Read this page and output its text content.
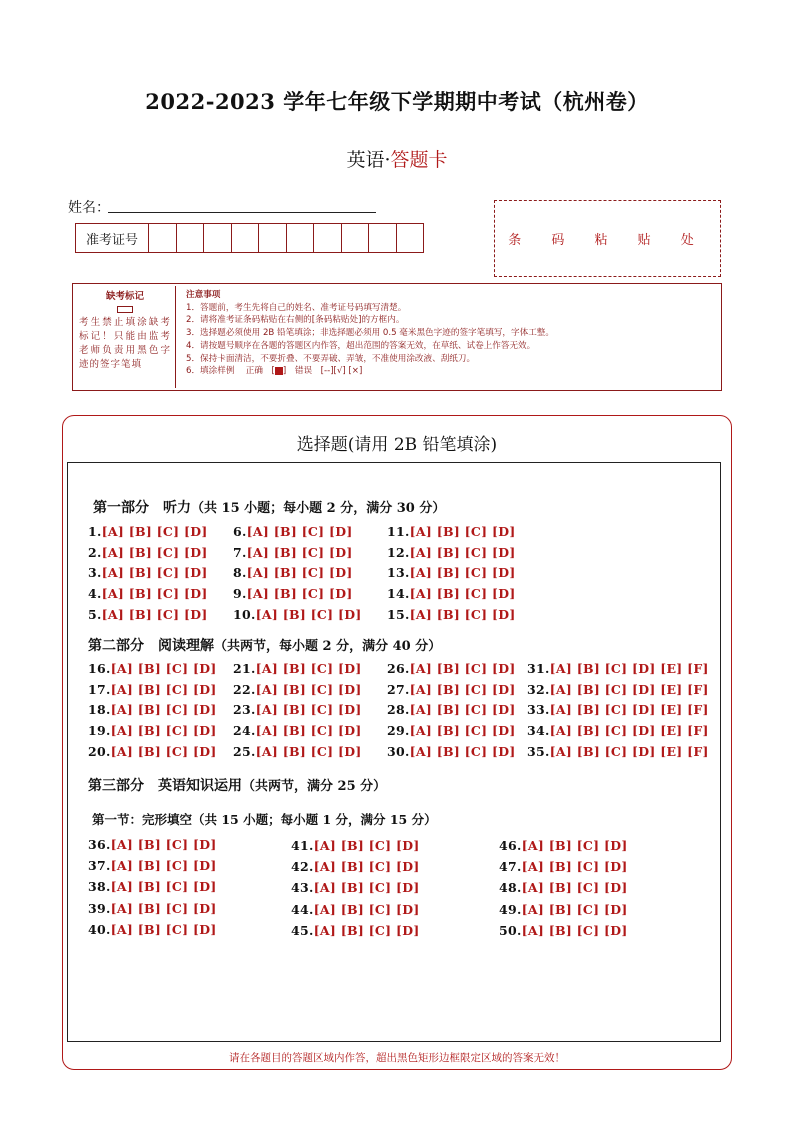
2022-2023 学年七年级下学期期中考试（杭州卷）
英语·答题卡
姓名：
准考证号	条 码 粘 贴 处
缺考标记
考生禁止填涂缺考标记！只能由监考老师负责用黑色字迹的签字笔填
注意事项
1．答题前，考生先将自己的姓名、准考证号码填写清楚。
2．请将准考证条码粘贴在右侧的[条码粘贴处]的方框内。
3．选择题必须使用 2B 铅笔填涂；非选择题必须用 0.5 毫米黑色字迹的签字笔填写，字体工整。
4．请按题号顺序在各题的答题区内作答，超出范围的答案无效，在草纸、试卷上作答无效。
5．保持卡面清洁，不要折叠、不要弄破、弄皱，不准使用涂改液、刮纸刀。
6．填涂样例　 正确　[ ]　错误　[--][√] [×]
选择题(请用 2B 铅笔填涂)
第一部分　听力（共 15 小题；每小题 2 分，满分 30 分）
第二部分　阅读理解（共两节，每小题 2 分，满分 40 分）
第三部分　英语知识运用（共两节，满分 25 分）
第一节：完形填空（共 15 小题；每小题 1 分，满分 15 分）
1.[A] [B] [C] [D]
2.[A] [B] [C] [D]
3.[A] [B] [C] [D]
4.[A] [B] [C] [D]
5.[A] [B] [C] [D]
6.[A] [B] [C] [D]
7.[A] [B] [C] [D]
8.[A] [B] [C] [D]
9.[A] [B] [C] [D]
10.[A] [B] [C] [D]
11.[A] [B] [C] [D]
12.[A] [B] [C] [D]
13.[A] [B] [C] [D]
14.[A] [B] [C] [D]
15.[A] [B] [C] [D]
16.[A] [B] [C] [D]
17.[A] [B] [C] [D]
18.[A] [B] [C] [D]
19.[A] [B] [C] [D]
20.[A] [B] [C] [D]
21.[A] [B] [C] [D]
22.[A] [B] [C] [D]
23.[A] [B] [C] [D]
24.[A] [B] [C] [D]
25.[A] [B] [C] [D]
26.[A] [B] [C] [D]
27.[A] [B] [C] [D]
28.[A] [B] [C] [D]
29.[A] [B] [C] [D]
30.[A] [B] [C] [D]
31.[A] [B] [C] [D] [E] [F]
32.[A] [B] [C] [D] [E] [F]
33.[A] [B] [C] [D] [E] [F]
34.[A] [B] [C] [D] [E] [F]
35.[A] [B] [C] [D] [E] [F]
36.[A] [B] [C] [D]
37.[A] [B] [C] [D]
38.[A] [B] [C] [D]
39.[A] [B] [C] [D]
40.[A] [B] [C] [D]
41.[A] [B] [C] [D]
42.[A] [B] [C] [D]
43.[A] [B] [C] [D]
44.[A] [B] [C] [D]
45.[A] [B] [C] [D]
46.[A] [B] [C] [D]
47.[A] [B] [C] [D]
48.[A] [B] [C] [D]
49.[A] [B] [C] [D]
50.[A] [B] [C] [D]
请在各题目的答题区域内作答，超出黑色矩形边框限定区域的答案无效！
